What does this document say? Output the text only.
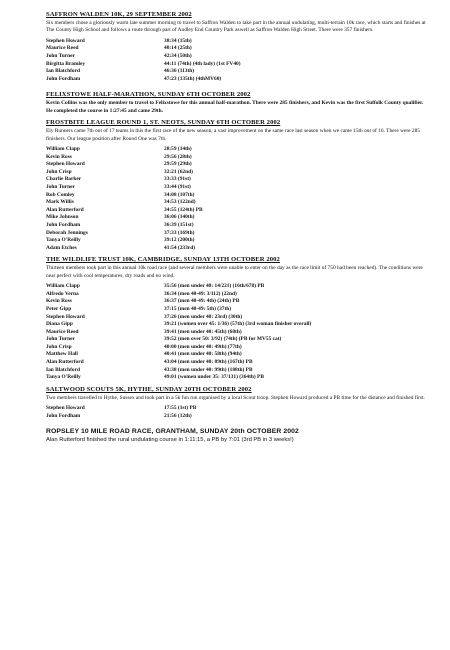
SAFFRON WALDEN 10K, 29 SEPTEMBER 2002
Six members chose a gloriously warm late summer morning to travel to Saffron Walden to take part in the annual undulating, multi-terrain 10k race, which starts and finishes at The County High School and follows a route through part of Audley End Country Park aswell as Saffron Walden High Street. There were 357 finishers.
Stephen Howard	38:34 (15th)
Maurice Reed	40:14 (25th)
John Turner	42:34 (50th)
Birgitta Bramley	44:11 (74th) (4th lady) (1st FV40)
Ian Blatchford	46:36 (113th)
John Fordham	47:23 (135th) (4thMV60)
FELIXSTOWE HALF-MARATHON, SUNDAY 6TH OCTOBER 2002
Kevin Collins was the only member to travel to Felixstowe for this annual half-marathon. There were 285 finishers, and Kevin was the first Suffolk County qualifier. He completed the course in 1:27:45 and came 29th.
FROSTBITE LEAGUE ROUND 1, ST. NEOTS, SUNDAY 6TH OCTOBER 2002
Ely Runners came 7th out of 17 teams in this the first race of the new season, a vast improvement on the same race last season when we came 15th out of 16. There were 285 finishers. Our league position after Round One was 7th.
William Clapp	28:59 (14th)
Kevin Ross	29:56 (28th)
Stephen Howard	29:59 (29th)
John Crisp	32:21 (62nd)
Charlie Barker	33:33 (91st)
John Turner	33:44 (91st)
Rob Comley	34:08 (107th)
Mark Willis	34:53 (122nd)
Alan Rutterford	34:55 (124th) PB
Mike Johnson	36:06 (140th)
John Fordham	36:39 (151st)
Deborah Jennings	37:33 (169th)
Tanya O'Reilly	39:12 (200th)
Adam Etches	41:54 (233rd)
THE WILDLIFE TRUST 10K, CAMBRIDGE, SUNDAY 13TH OCTOBER 2002
Thirteen members took part in this annual 10k road race (and several members were unable to enter on the day as the race limit of 750 had been reached). The conditions were near perfect with cool temperatures, dry roads and no wind.
William Clapp	35:56 (men under 40: 14/221) (16th/678) PB
Alfredo Verna	36:34 (men 40-49: 3/112) (22nd)
Kevin Ross	36:37 (men 40-49: 4th) (24th) PB
Peter Gipp	37:15 (men 40-49: 5th) (37th)
Stephen Howard	37:26 (men under 40: 23rd) (30th)
Diana Gipp	39:21 (women over 45: 1/36) (57th) (3rd woman finisher overall)
Maurice Reed	39:41 (men under 40: 45th) (68th)
John Turner	39:52 (men over 50: 3/92) (74th) (PB for MV55 cat)
John Crisp	40:00 (men under 40: 49th) (77th)
Matthew Hall	40:41 (men under 40: 58th) (94th)
Alan Rutterford	43:04 (men under 40: 89th) (167th) PB
Ian Blatchford	43:38 (men under 40: 99th) (188th) PB
Tanya O'Reilly	49:01 (women under 35: 37/131) (364th) PB
SALTWOOD SCOUTS 5K, HYTHE, SUNDAY 20TH OCTOBER 2002
Two members travelled to Hythe, Sussex and took part in a 5k fun run organised by a local Scout troop. Stephen Howard produced a PB time for the distance and finished first.
Stephen Howard	17:55 (1st) PB
John Fordham	21:56 (12th)
ROPSLEY 10 MILE ROAD RACE, GRANTHAM, SUNDAY 20th OCTOBER 2002
Alan Rutterford finished the rural undulating course in 1:11:15, a PB by 7:01 (3rd PB in 3 weeks!)
